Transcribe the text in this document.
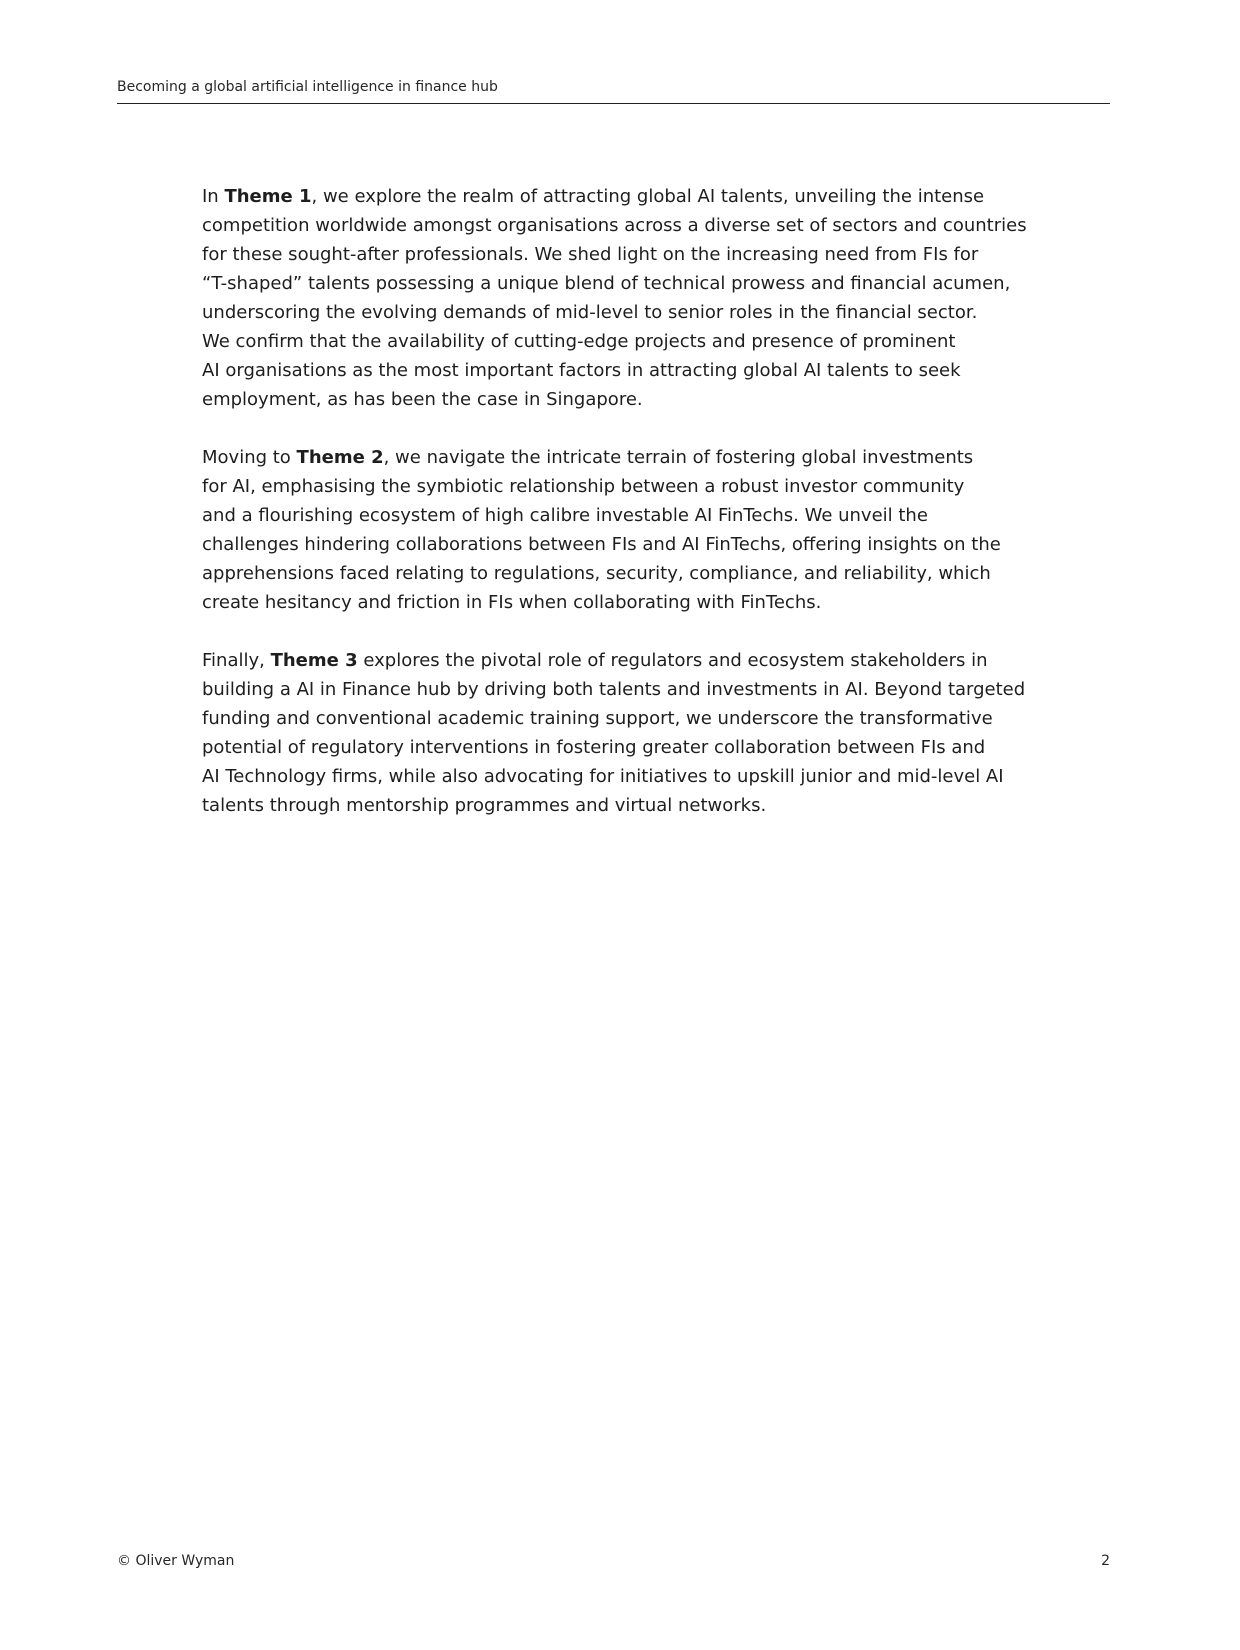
Becoming a global artificial intelligence in finance hub

In Theme 1, we explore the realm of attracting global AI talents, unveiling the intense
competition worldwide amongst organisations across a diverse set of sectors and countries
for these sought-after professionals. We shed light on the increasing need from FIs for
“T-shaped” talents possessing a unique blend of technical prowess and financial acumen,
underscoring the evolving demands of mid-level to senior roles in the financial sector.
We confirm that the availability of cutting-edge projects and presence of prominent
AI organisations as the most important factors in attracting global AI talents to seek
employment, as has been the case in Singapore.

Moving to Theme 2, we navigate the intricate terrain of fostering global investments
for AI, emphasising the symbiotic relationship between a robust investor community
and a flourishing ecosystem of high calibre investable AI FinTechs. We unveil the
challenges hindering collaborations between FIs and AI FinTechs, offering insights on the
apprehensions faced relating to regulations, security, compliance, and reliability, which
create hesitancy and friction in FIs when collaborating with FinTechs.

Finally, Theme 3 explores the pivotal role of regulators and ecosystem stakeholders in
building a AI in Finance hub by driving both talents and investments in AI. Beyond targeted
funding and conventional academic training support, we underscore the transformative
potential of regulatory interventions in fostering greater collaboration between FIs and
AI Technology firms, while also advocating for initiatives to upskill junior and mid-level AI
talents through mentorship programmes and virtual networks.

© Oliver Wyman	2
